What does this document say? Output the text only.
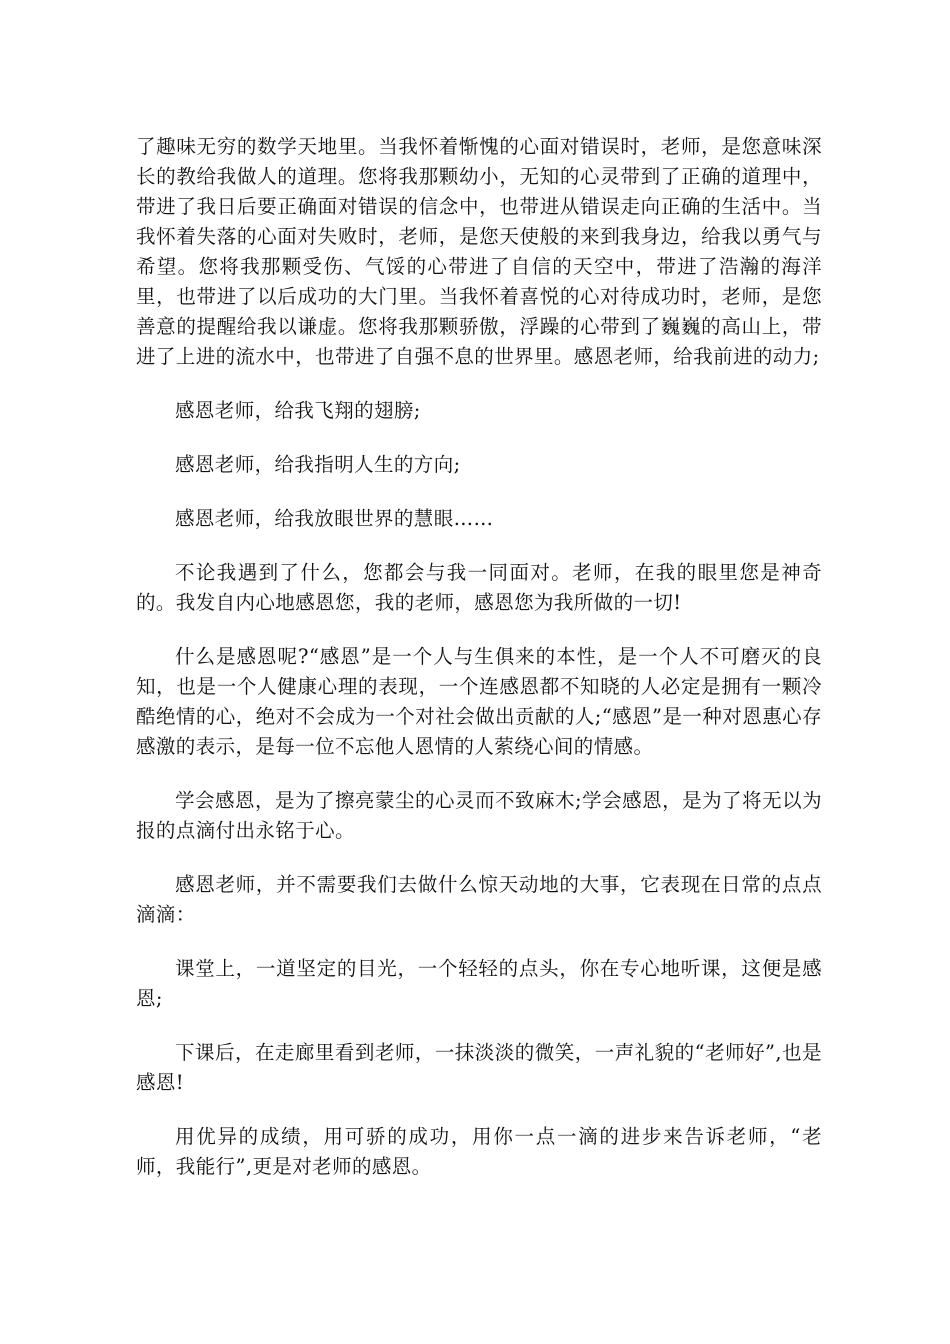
了趣味无穷的数学天地里。当我怀着惭愧的心面对错误时，老师，是您意味深长的教给我做人的道理。您将我那颗幼小，无知的心灵带到了正确的道理中，带进了我日后要正确面对错误的信念中，也带进从错误走向正确的生活中。当我怀着失落的心面对失败时，老师，是您天使般的来到我身边，给我以勇气与希望。您将我那颗受伤、气馁的心带进了自信的天空中，带进了浩瀚的海洋里，也带进了以后成功的大门里。当我怀着喜悦的心对待成功时，老师，是您善意的提醒给我以谦虚。您将我那颗骄傲，浮躁的心带到了巍巍的高山上，带进了上进的流水中，也带进了自强不息的世界里。感恩老师，给我前进的动力;

感恩老师，给我飞翔的翅膀;

感恩老师，给我指明人生的方向;

感恩老师，给我放眼世界的慧眼……

不论我遇到了什么，您都会与我一同面对。老师，在我的眼里您是神奇的。我发自内心地感恩您，我的老师，感恩您为我所做的一切!

什么是感恩呢?“感恩”是一个人与生俱来的本性，是一个人不可磨灭的良知，也是一个人健康心理的表现，一个连感恩都不知晓的人必定是拥有一颗冷酷绝情的心，绝对不会成为一个对社会做出贡献的人;“感恩”是一种对恩惠心存感激的表示，是每一位不忘他人恩情的人萦绕心间的情感。

学会感恩，是为了擦亮蒙尘的心灵而不致麻木;学会感恩，是为了将无以为报的点滴付出永铭于心。

感恩老师，并不需要我们去做什么惊天动地的大事，它表现在日常的点点滴滴：

课堂上，一道坚定的目光，一个轻轻的点头，你在专心地听课，这便是感恩;

下课后，在走廊里看到老师，一抹淡淡的微笑，一声礼貌的“老师好”,也是感恩!

用优异的成绩，用可骄的成功，用你一点一滴的进步来告诉老师，“老师，我能行”,更是对老师的感恩。
